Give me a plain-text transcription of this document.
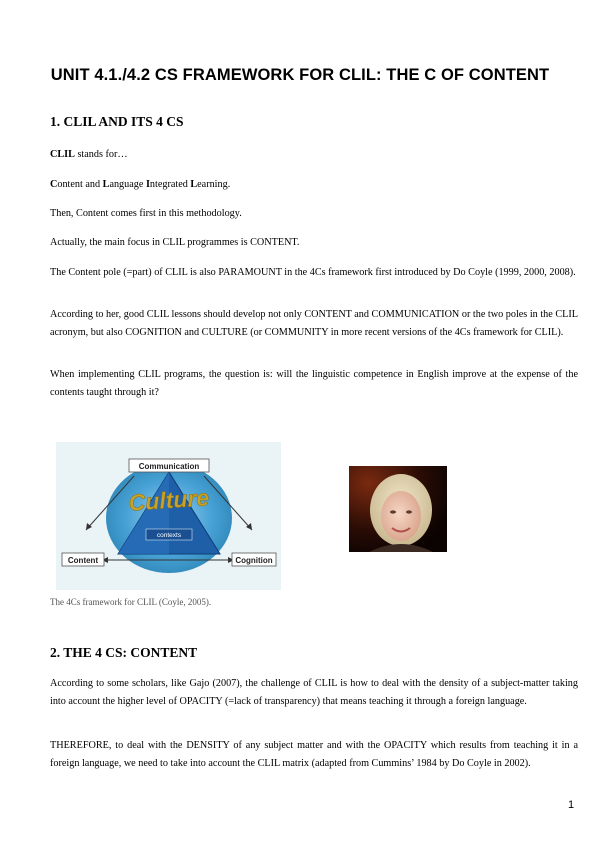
UNIT 4.1./4.2 CS FRAMEWORK FOR CLIL: THE C OF CONTENT
1. CLIL AND ITS 4 CS
CLIL stands for…
Content and Language Integrated Learning.
Then, Content comes first in this methodology.
Actually, the main focus in CLIL programmes is CONTENT.
The Content pole (=part) of CLIL is also PARAMOUNT in the 4Cs framework first introduced by Do Coyle (1999, 2000, 2008).
According to her, good CLIL lessons should develop not only CONTENT and COMMUNICATION or the two poles in the CLIL acronym, but also COGNITION and CULTURE (or COMMUNITY in more recent versions of the 4Cs framework for CLIL).
When implementing CLIL programs, the question is: will the linguistic competence in English improve at the expense of the contents taught through it?
Communication
Content	Cognition
contexts
Culture
The 4Cs framework for CLIL (Coyle, 2005).
2. THE 4 CS: CONTENT
According to some scholars, like Gajo (2007), the challenge of CLIL is how to deal with the density of a subject-matter taking into account the higher level of OPACITY (=lack of transparency) that means teaching it through a foreign language.
THEREFORE, to deal with the DENSITY of any subject matter and with the OPACITY which results from teaching it in a foreign language, we need to take into account the CLIL matrix (adapted from Cummins’ 1984 by Do Coyle in 2002).
1
